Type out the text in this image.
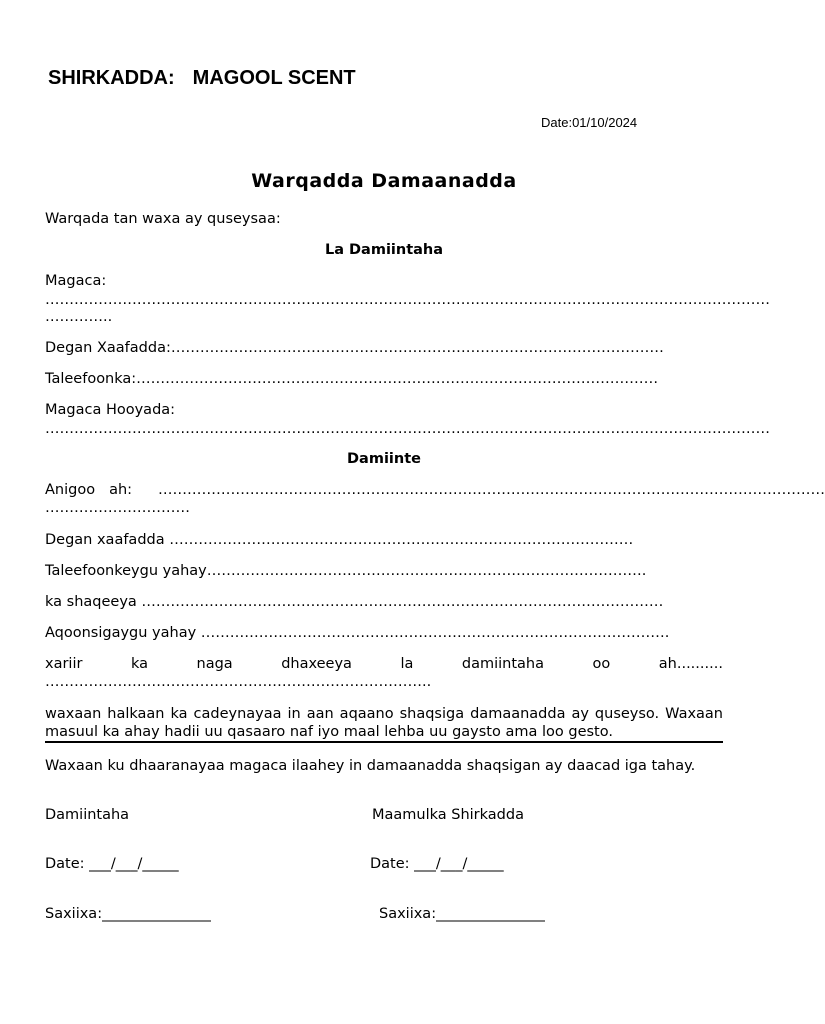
SHIRKADDA: MAGOOL SCENT
Date:01/10/2024
Warqadda Damaanadda
Warqada tan waxa ay quseysaa:
La Damiintaha
Magaca:
……………………………………………………………………………………………………………………………………
…………..
Degan Xaafadda:…………………………………………………………………………………………
Taleefoonka:………………………………………………………………………………………………
Magaca Hooyada:
……………………………………………………………………………………………………………………………………
Damiinte
Anigoo ah: …………………………………………………………………………………………………………………………
…………………………
Degan xaafadda ……………………………………………………………………………………
Taleefoonkeygu yahay……………………………………………………………………………….
ka shaqeeya ………………………………………………………………………………………………
Aqoonsigaygu yahay …………………………………………………………………………………….
xariir	ka	naga	dhaxeeya	la	damiintaha	oo	ah..........
……………………………………………………………………..
waxaan halkaan ka cadeynayaa in aan aqaano shaqsiga damaanadda ay quseyso. Waxaan masuul ka ahay hadii uu qasaaro naf iyo maal lehba uu gaysto ama loo gesto.
Waxaan ku dhaaranayaa magaca ilaahey in damaanadda shaqsigan ay daacad iga tahay.
Damiintaha	Maamulka Shirkadda
Date: ___/___/_____	Date: ___/___/_____
Saxiixa:_______________	Saxiixa:_______________
